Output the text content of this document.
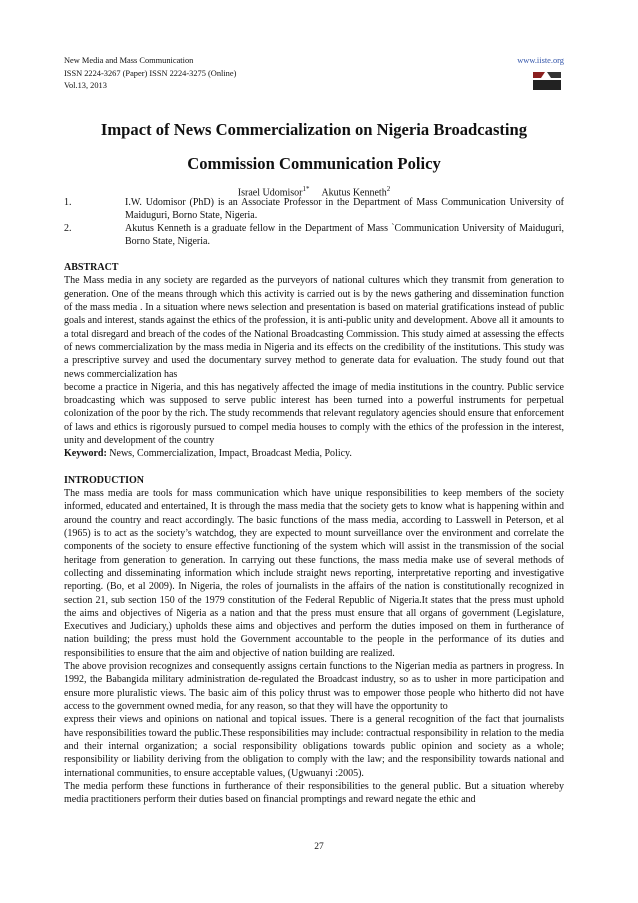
New Media and Mass Communication
ISSN 2224-3267 (Paper) ISSN 2224-3275 (Online)
Vol.13, 2013
www.iiste.org
Impact of News Commercialization on Nigeria Broadcasting
Commission Communication Policy
Israel Udomisor$^{1*}$ Akutus Kenneth$^2$
1.	I.W. Udomisor (PhD) is an Associate Professor in the Department of Mass Communication University of Maiduguri, Borno State, Nigeria.
2.	Akutus Kenneth is a graduate fellow in the Department of Mass `Communication University of Maiduguri, Borno State, Nigeria.
ABSTRACT

The Mass media in any society are regarded as the purveyors of national cultures which they transmit from generation to generation. One of the means through which this activity is carried out is by the news gathering and dissemination function of the mass media . In a situation where news selection and presentation is based on material gratifications instead of public goals and interest, stands against the ethics of the profession, it is anti-public unity and development. Above all it amounts to a total disregard and breach of the codes of the National Broadcasting Commission. This study aimed at assessing the effects of news commercialization by the mass media in Nigeria and its effects on the credibility of the institutions. This study was a prescriptive survey and used the documentary survey method to generate data for evaluation. The study found out that news commercialization has

become a practice in Nigeria, and this has negatively affected the image of media institutions in the country. Public service broadcasting which was supposed to serve public interest has been turned into a powerful instruments for perpetual colonization of the poor by the rich. The study recommends that relevant regulatory agencies should ensure that enforcement of laws and ethics is rigorously pursued to compel media houses to comply with the ethics of the profession in the interest, unity and development of the country

Keyword: News, Commercialization, Impact, Broadcast Media, Policy.
INTRODUCTION

The mass media are tools for mass communication which have unique responsibilities to keep members of the society informed, educated and entertained, It is through the mass media that the society gets to know what is happening within and around the country and react accordingly. The basic functions of the mass media, according to Lasswell in Peterson, et al (1965) is to act as the society’s watchdog, they are expected to mount surveillance over the environment and correlate the components of the society to ensure effective functioning of the system which will assist in the transmission of the social heritage from generation to generation. In carrying out these functions, the mass media make use of several methods of collecting and disseminating information which include straight news reporting, interpretative reporting and investigative reporting. (Bo, et al 2009). In Nigeria, the roles of journalists in the affairs of the nation is constitutionally recognized in section 21, sub section 150 of the 1979 constitution of the Federal Republic of Nigeria.It states that the press must uphold the aims and objectives of Nigeria as a nation and that the press must ensure that all organs of government (Legislature, Executives and Judiciary,) upholds these aims and objectives and perform the duties imposed on them in furtherance of nation building; the press must hold the Government accountable to the people in the performance of its duties and responsibilities to ensure that the aim and objective of nation building are realized.

The above provision recognizes and consequently assigns certain functions to the Nigerian media as partners in progress. In 1992, the Babangida military administration de-regulated the Broadcast industry, so as to usher in more participation and ensure more pluralistic views. The basic aim of this policy thrust was to empower those people who hitherto did not have access to the government owned media, for any reason, so that they will have the opportunity to

express their views and opinions on national and topical issues. There is a general recognition of the fact that journalists have responsibilities toward the public.These responsibilities may include: contractual responsibility in relation to the media and their internal organization; a social responsibility obligations towards public opinion and society as a whole; responsibility or liability deriving from the obligation to comply with the law; and the responsibility towards national and international communities, to ensure acceptable values, (Ugwuanyi :2005).

The media perform these functions in furtherance of their responsibilities to the general public. But a situation whereby media practitioners perform their duties based on financial promptings and reward negate the ethic and

27
